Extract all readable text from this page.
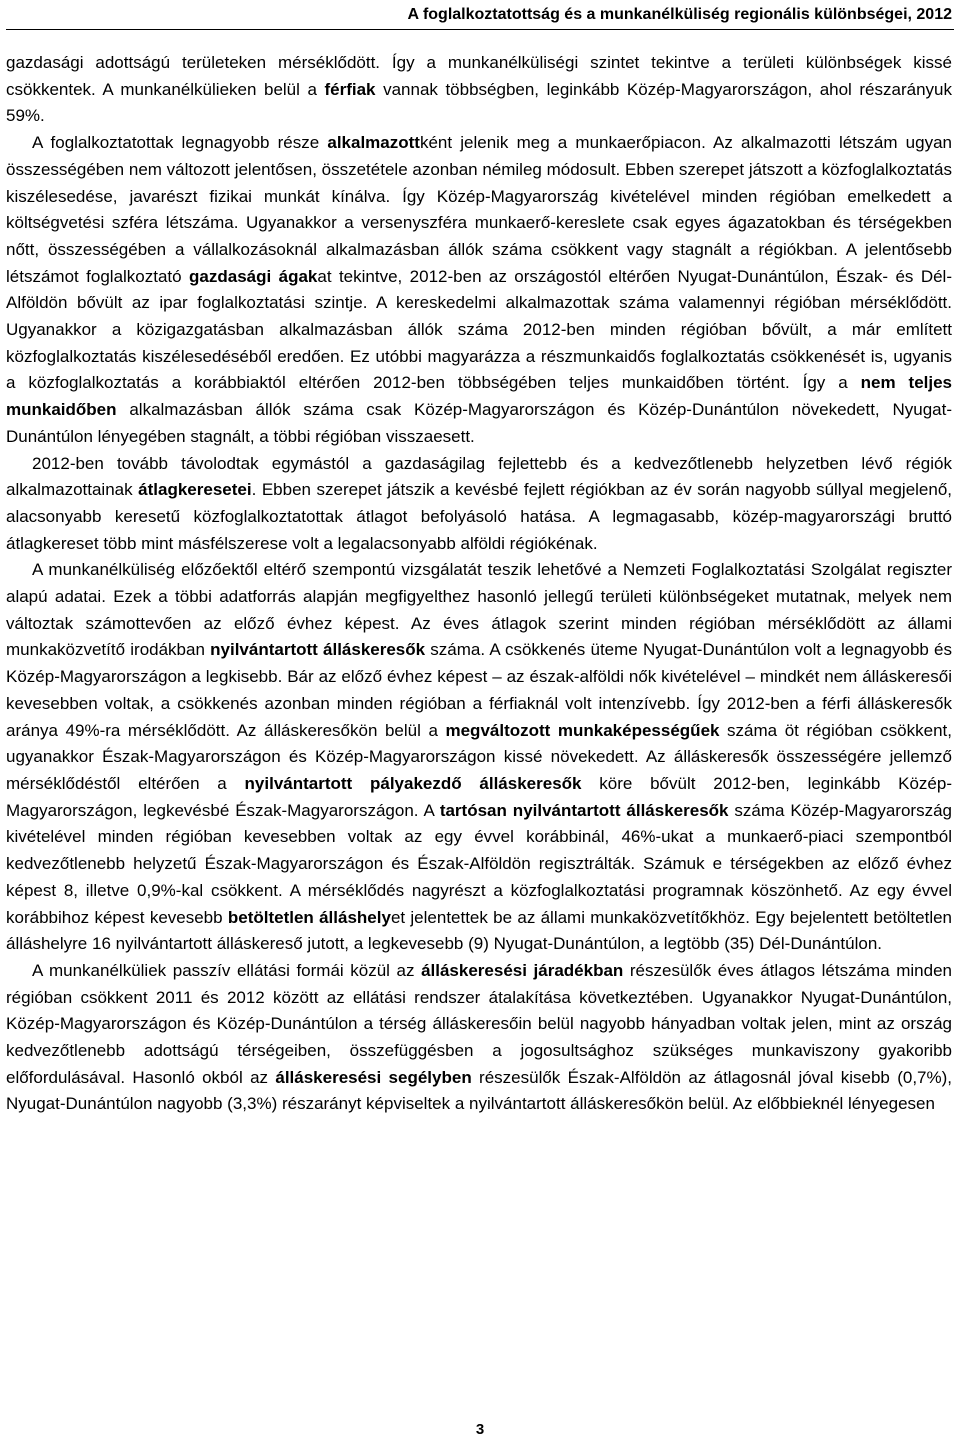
A foglalkoztatottság és a munkanélküliség regionális különbségei, 2012

gazdasági adottságú területeken mérséklődött. Így a munkanélküliségi szintet tekintve a területi különbségek kissé csökkentek. A munkanélkülieken belül a férfiak vannak többségben, leginkább Közép-Magyarországon, ahol részarányuk 59%.

A foglalkoztatottak legnagyobb része alkalmazottként jelenik meg a munkaerőpiacon. Az alkalmazotti létszám ugyan összességében nem változott jelentősen, összetétele azonban némileg módosult. Ebben szerepet játszott a közfoglalkoztatás kiszélesedése, javarészt fizikai munkát kínálva. Így Közép-Magyarország kivételével minden régióban emelkedett a költségvetési szféra létszáma. Ugyanakkor a versenyszféra munkaerő-kereslete csak egyes ágazatokban és térségekben nőtt, összességében a vállalkozásoknál alkalmazásban állók száma csökkent vagy stagnált a régiókban. A jelentősebb létszámot foglalkoztató gazdasági ágakat tekintve, 2012-ben az országostól eltérően Nyugat-Dunántúlon, Észak- és Dél-Alföldön bővült az ipar foglalkoztatási szintje. A kereskedelmi alkalmazottak száma valamennyi régióban mérséklődött. Ugyanakkor a közigazgatásban alkalmazásban állók száma 2012-ben minden régióban bővült, a már említett közfoglalkoztatás kiszélesedéséből eredően. Ez utóbbi magyarázza a részmunkaidős foglalkoztatás csökkenését is, ugyanis a közfoglalkoztatás a korábbiaktól eltérően 2012-ben többségében teljes munkaidőben történt. Így a nem teljes munkaidőben alkalmazásban állók száma csak Közép-Magyarországon és Közép-Dunántúlon növekedett, Nyugat-Dunántúlon lényegében stagnált, a többi régióban visszaesett.

2012-ben tovább távolodtak egymástól a gazdaságilag fejlettebb és a kedvezőtlenebb helyzetben lévő régiók alkalmazottainak átlagkeresetei. Ebben szerepet játszik a kevésbé fejlett régiókban az év során nagyobb súllyal megjelenő, alacsonyabb keresetű közfoglalkoztatottak átlagot befolyásoló hatása. A legmagasabb, közép-magyarországi bruttó átlagkereset több mint másfélszerese volt a legalacsonyabb alföldi régiókénak.

A munkanélküliség előzőektől eltérő szempontú vizsgálatát teszik lehetővé a Nemzeti Foglalkoztatási Szolgálat regiszter alapú adatai. Ezek a többi adatforrás alapján megfigyelthez hasonló jellegű területi különbségeket mutatnak, melyek nem változtak számottevően az előző évhez képest. Az éves átlagok szerint minden régióban mérséklődött az állami munkaközvetítő irodákban nyilvántartott álláskeresők száma. A csökkenés üteme Nyugat-Dunántúlon volt a legnagyobb és Közép-Magyarországon a legkisebb. Bár az előző évhez képest – az észak-alföldi nők kivételével – mindkét nem álláskeresői kevesebben voltak, a csökkenés azonban minden régióban a férfiaknál volt intenzívebb. Így 2012-ben a férfi álláskeresők aránya 49%-ra mérséklődött. Az álláskeresőkön belül a megváltozott munkaképességűek száma öt régióban csökkent, ugyanakkor Észak-Magyarországon és Közép-Magyarországon kissé növekedett. Az álláskeresők összességére jellemző mérséklődéstől eltérően a nyilvántartott pályakezdő álláskeresők köre bővült 2012-ben, leginkább Közép-Magyarországon, legkevésbé Észak-Magyarországon. A tartósan nyilvántartott álláskeresők száma Közép-Magyarország kivételével minden régióban kevesebben voltak az egy évvel korábbinál, 46%-ukat a munkaerő-piaci szempontból kedvezőtlenebb helyzetű Észak-Magyarországon és Észak-Alföldön regisztrálták. Számuk e térségekben az előző évhez képest 8, illetve 0,9%-kal csökkent. A mérséklődés nagyrészt a közfoglalkoztatási programnak köszönhető. Az egy évvel korábbihoz képest kevesebb betöltetlen álláshelyet jelentettek be az állami munkaközvetítőkhöz. Egy bejelentett betöltetlen álláshelyre 16 nyilvántartott álláskereső jutott, a legkevesebb (9) Nyugat-Dunántúlon, a legtöbb (35) Dél-Dunántúlon.

A munkanélküliek passzív ellátási formái közül az álláskeresési járadékban részesülők éves átlagos létszáma minden régióban csökkent 2011 és 2012 között az ellátási rendszer átalakítása következtében. Ugyanakkor Nyugat-Dunántúlon, Közép-Magyarországon és Közép-Dunántúlon a térség álláskeresőin belül nagyobb hányadban voltak jelen, mint az ország kedvezőtlenebb adottságú térségeiben, összefüggésben a jogosultsághoz szükséges munkaviszony gyakoribb előfordulásával. Hasonló okból az álláskeresési segélyben részesülők Észak-Alföldön az átlagosnál jóval kisebb (0,7%), Nyugat-Dunántúlon nagyobb (3,3%) részarányt képviseltek a nyilvántartott álláskeresőkön belül. Az előbbieknél lényegesen

3
